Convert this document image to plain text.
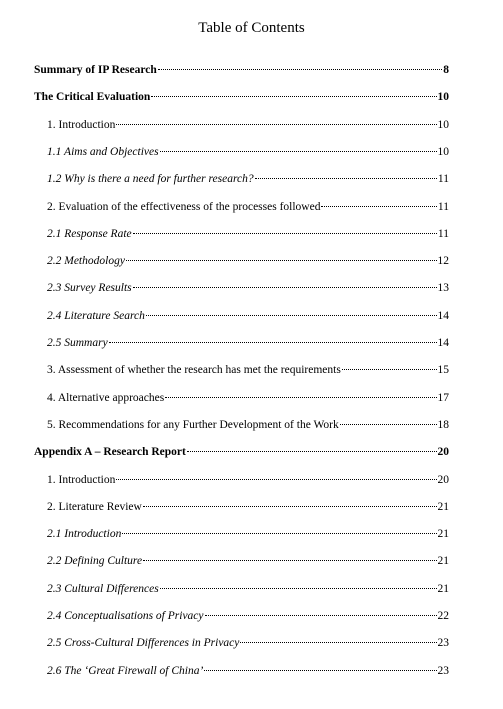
Table of Contents
Summary of IP Research	8
The Critical Evaluation	10
1. Introduction	10
1.1 Aims and Objectives	10
1.2 Why is there a need for further research?	11
2. Evaluation of the effectiveness of the processes followed	11
2.1 Response Rate	11
2.2 Methodology	12
2.3 Survey Results	13
2.4 Literature Search	14
2.5 Summary	14
3. Assessment of whether the research has met the requirements	15
4. Alternative approaches	17
5. Recommendations for any Further Development of the Work	18
Appendix A – Research Report	20
1. Introduction	20
2. Literature Review	21
2.1 Introduction	21
2.2 Defining Culture	21
2.3 Cultural Differences	21
2.4 Conceptualisations of Privacy	22
2.5 Cross-Cultural Differences in Privacy	23
2.6 The ‘Great Firewall of China’	23
